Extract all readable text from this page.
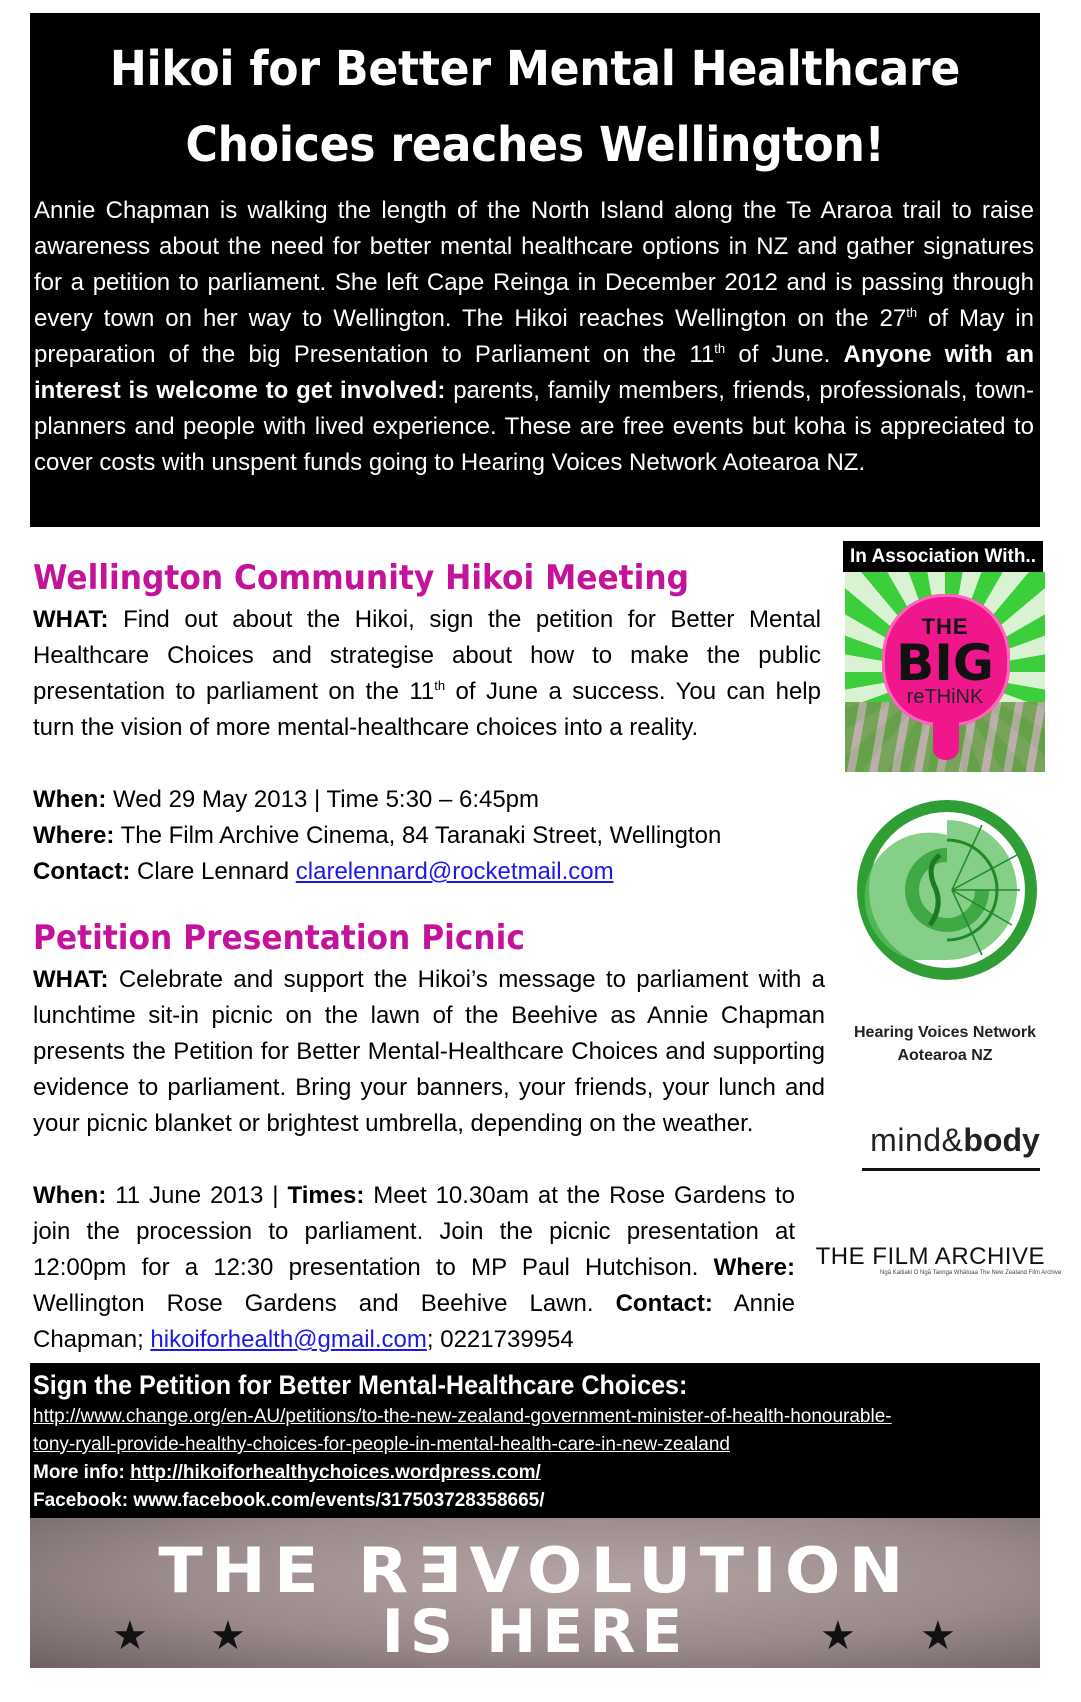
Hikoi for Better Mental Healthcare
Choices reaches Wellington!
Annie Chapman is walking the length of the North Island along the Te Araroa trail to raise awareness about the need for better mental healthcare options in NZ and gather signatures for a petition to parliament. She left Cape Reinga in December 2012 and is passing through every town on her way to Wellington. The Hikoi reaches Wellington on the 27th of May in preparation of the big Presentation to Parliament on the 11th of June. Anyone with an interest is welcome to get involved: parents, family members, friends, professionals, town-planners and people with lived experience. These are free events but koha is appreciated to cover costs with unspent funds going to Hearing Voices Network Aotearoa NZ.
Wellington Community Hikoi Meeting
WHAT: Find out about the Hikoi, sign the petition for Better Mental Healthcare Choices and strategise about how to make the public presentation to parliament on the 11th of June a success. You can help turn the vision of more mental-healthcare choices into a reality.
When: Wed 29 May 2013 | Time 5:30 – 6:45pm
Where: The Film Archive Cinema, 84 Taranaki Street, Wellington
Contact: Clare Lennard clarelennard@rocketmail.com
Petition Presentation Picnic
WHAT: Celebrate and support the Hikoi’s message to parliament with a lunchtime sit-in picnic on the lawn of the Beehive as Annie Chapman presents the Petition for Better Mental-Healthcare Choices and supporting evidence to parliament. Bring your banners, your friends, your lunch and your picnic blanket or brightest umbrella, depending on the weather.
When: 11 June 2013 | Times: Meet 10.30am at the Rose Gardens to join the procession to parliament. Join the picnic presentation at 12:00pm for a 12:30 presentation to MP Paul Hutchison. Where: Wellington Rose Gardens and Beehive Lawn. Contact: Annie Chapman; hikoiforhealth@gmail.com; 0221739954
In Association With..
THE
BIG
reTHiNK
Hearing Voices Network
Aotearoa NZ
mind&body
THE FILM ARCHIVE
Ngā Kaitiaki O Ngā Taonga Whātoaa The New Zealand Film Archive
Sign the Petition for Better Mental-Healthcare Choices:
http://www.change.org/en-AU/petitions/to-the-new-zealand-government-minister-of-health-honourable-
tony-ryall-provide-healthy-choices-for-people-in-mental-health-care-in-new-zealand
More info: http://hikoiforhealthychoices.wordpress.com/
Facebook: www.facebook.com/events/317503728358665/
THE RƎVOLUTION
IS HERE
★ ★	★ ★
